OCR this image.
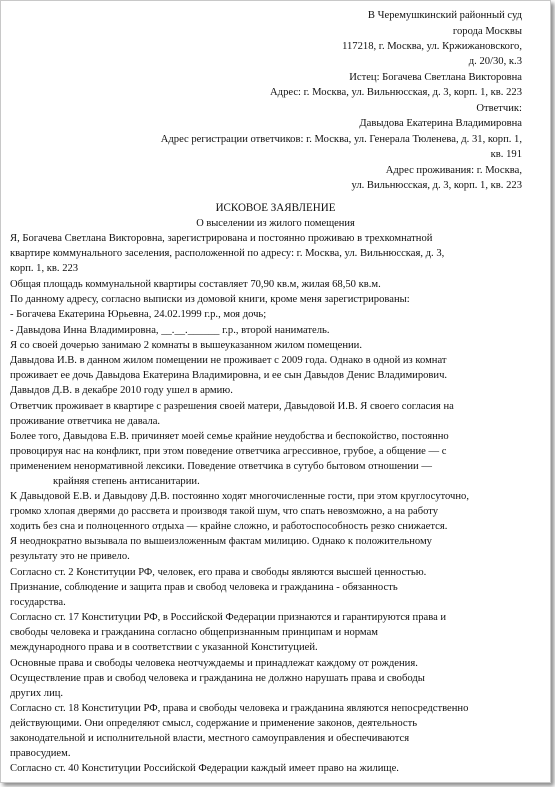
В Черемушкинский районный суд
города Москвы
117218, г. Москва, ул. Кржижановского,
д. 20/30, к.3
Истец: Богачева Светлана Викторовна
Адрес: г. Москва, ул. Вильнюсская, д. 3, корп. 1, кв. 223
Ответчик:
Давыдова Екатерина Владимировна
Адрес регистрации ответчиков: г. Москва, ул. Генерала Тюленева, д. 31, корп. 1,
кв. 191
Адрес проживания: г. Москва,
ул. Вильнюсская, д. 3, корп. 1, кв. 223
ИСКОВОЕ ЗАЯВЛЕНИЕ
О выселении из жилого помещения
Я, Богачева Светлана Викторовна, зарегистрирована и постоянно проживаю в трехкомнатной
квартире коммунального заселения, расположенной по адресу: г. Москва, ул. Вильнюсская, д. 3,
корп. 1, кв. 223
Общая площадь коммунальной квартиры составляет 70,90 кв.м, жилая 68,50 кв.м.
По данному адресу, согласно выписки из домовой книги, кроме меня зарегистрированы:
- Богачева Екатерина Юрьевна, 24.02.1999 г.р., моя дочь;
- Давыдова Инна Владимировна, __.__.______ г.р., второй наниматель.
Я со своей дочерью занимаю 2 комнаты в вышеуказанном жилом помещении.
Давыдова И.В. в данном жилом помещении не проживает с 2009 года. Однако в одной из комнат
проживает ее дочь Давыдова Екатерина Владимировна, и ее сын Давыдов Денис Владимирович.
Давыдов Д.В. в декабре 2010 году ушел в армию.
Ответчик проживает в квартире с разрешения своей матери, Давыдовой И.В. Я своего согласия на
проживание ответчика не давала.
Более того, Давыдова Е.В. причиняет моей семье крайние неудобства и беспокойство, постоянно
провоцируя нас на конфликт, при этом поведение ответчика агрессивное, грубое, а общение — с
применением ненормативной лексики. Поведение ответчика в сутубо бытовом отношении —
крайняя степень антисанитарии.
К Давыдовой Е.В. и Давыдову Д.В. постоянно ходят многочисленные гости, при этом круглосуточно,
громко хлопая дверями до рассвета и производя такой шум, что спать невозможно, а на работу
ходить без сна и полноценного отдыха — крайне сложно, и работоспособность резко снижается.
Я неоднократно вызывала по вышеизложенным фактам милицию. Однако к положительному
результату это не привело.
Согласно ст. 2 Конституции РФ, человек, его права и свободы являются высшей ценностью.
Признание, соблюдение и защита прав и свобод человека и гражданина - обязанность
государства.
Согласно ст. 17 Конституции РФ, в Российской Федерации признаются и гарантируются права и
свободы человека и гражданина согласно общепризнанным принципам и нормам
международного права и в соответствии с указанной Конституцией.
Основные права и свободы человека неотчуждаемы и принадлежат каждому от рождения.
Осуществление прав и свобод человека и гражданина не должно нарушать права и свободы
других лиц.
Согласно ст. 18 Конституции РФ, права и свободы человека и гражданина являются непосредственно
действующими. Они определяют смысл, содержание и применение законов, деятельность
законодательной и исполнительной власти, местного самоуправления и обеспечиваются
правосудием.
Согласно ст. 40 Конституции Российской Федерации каждый имеет право на жилище.
